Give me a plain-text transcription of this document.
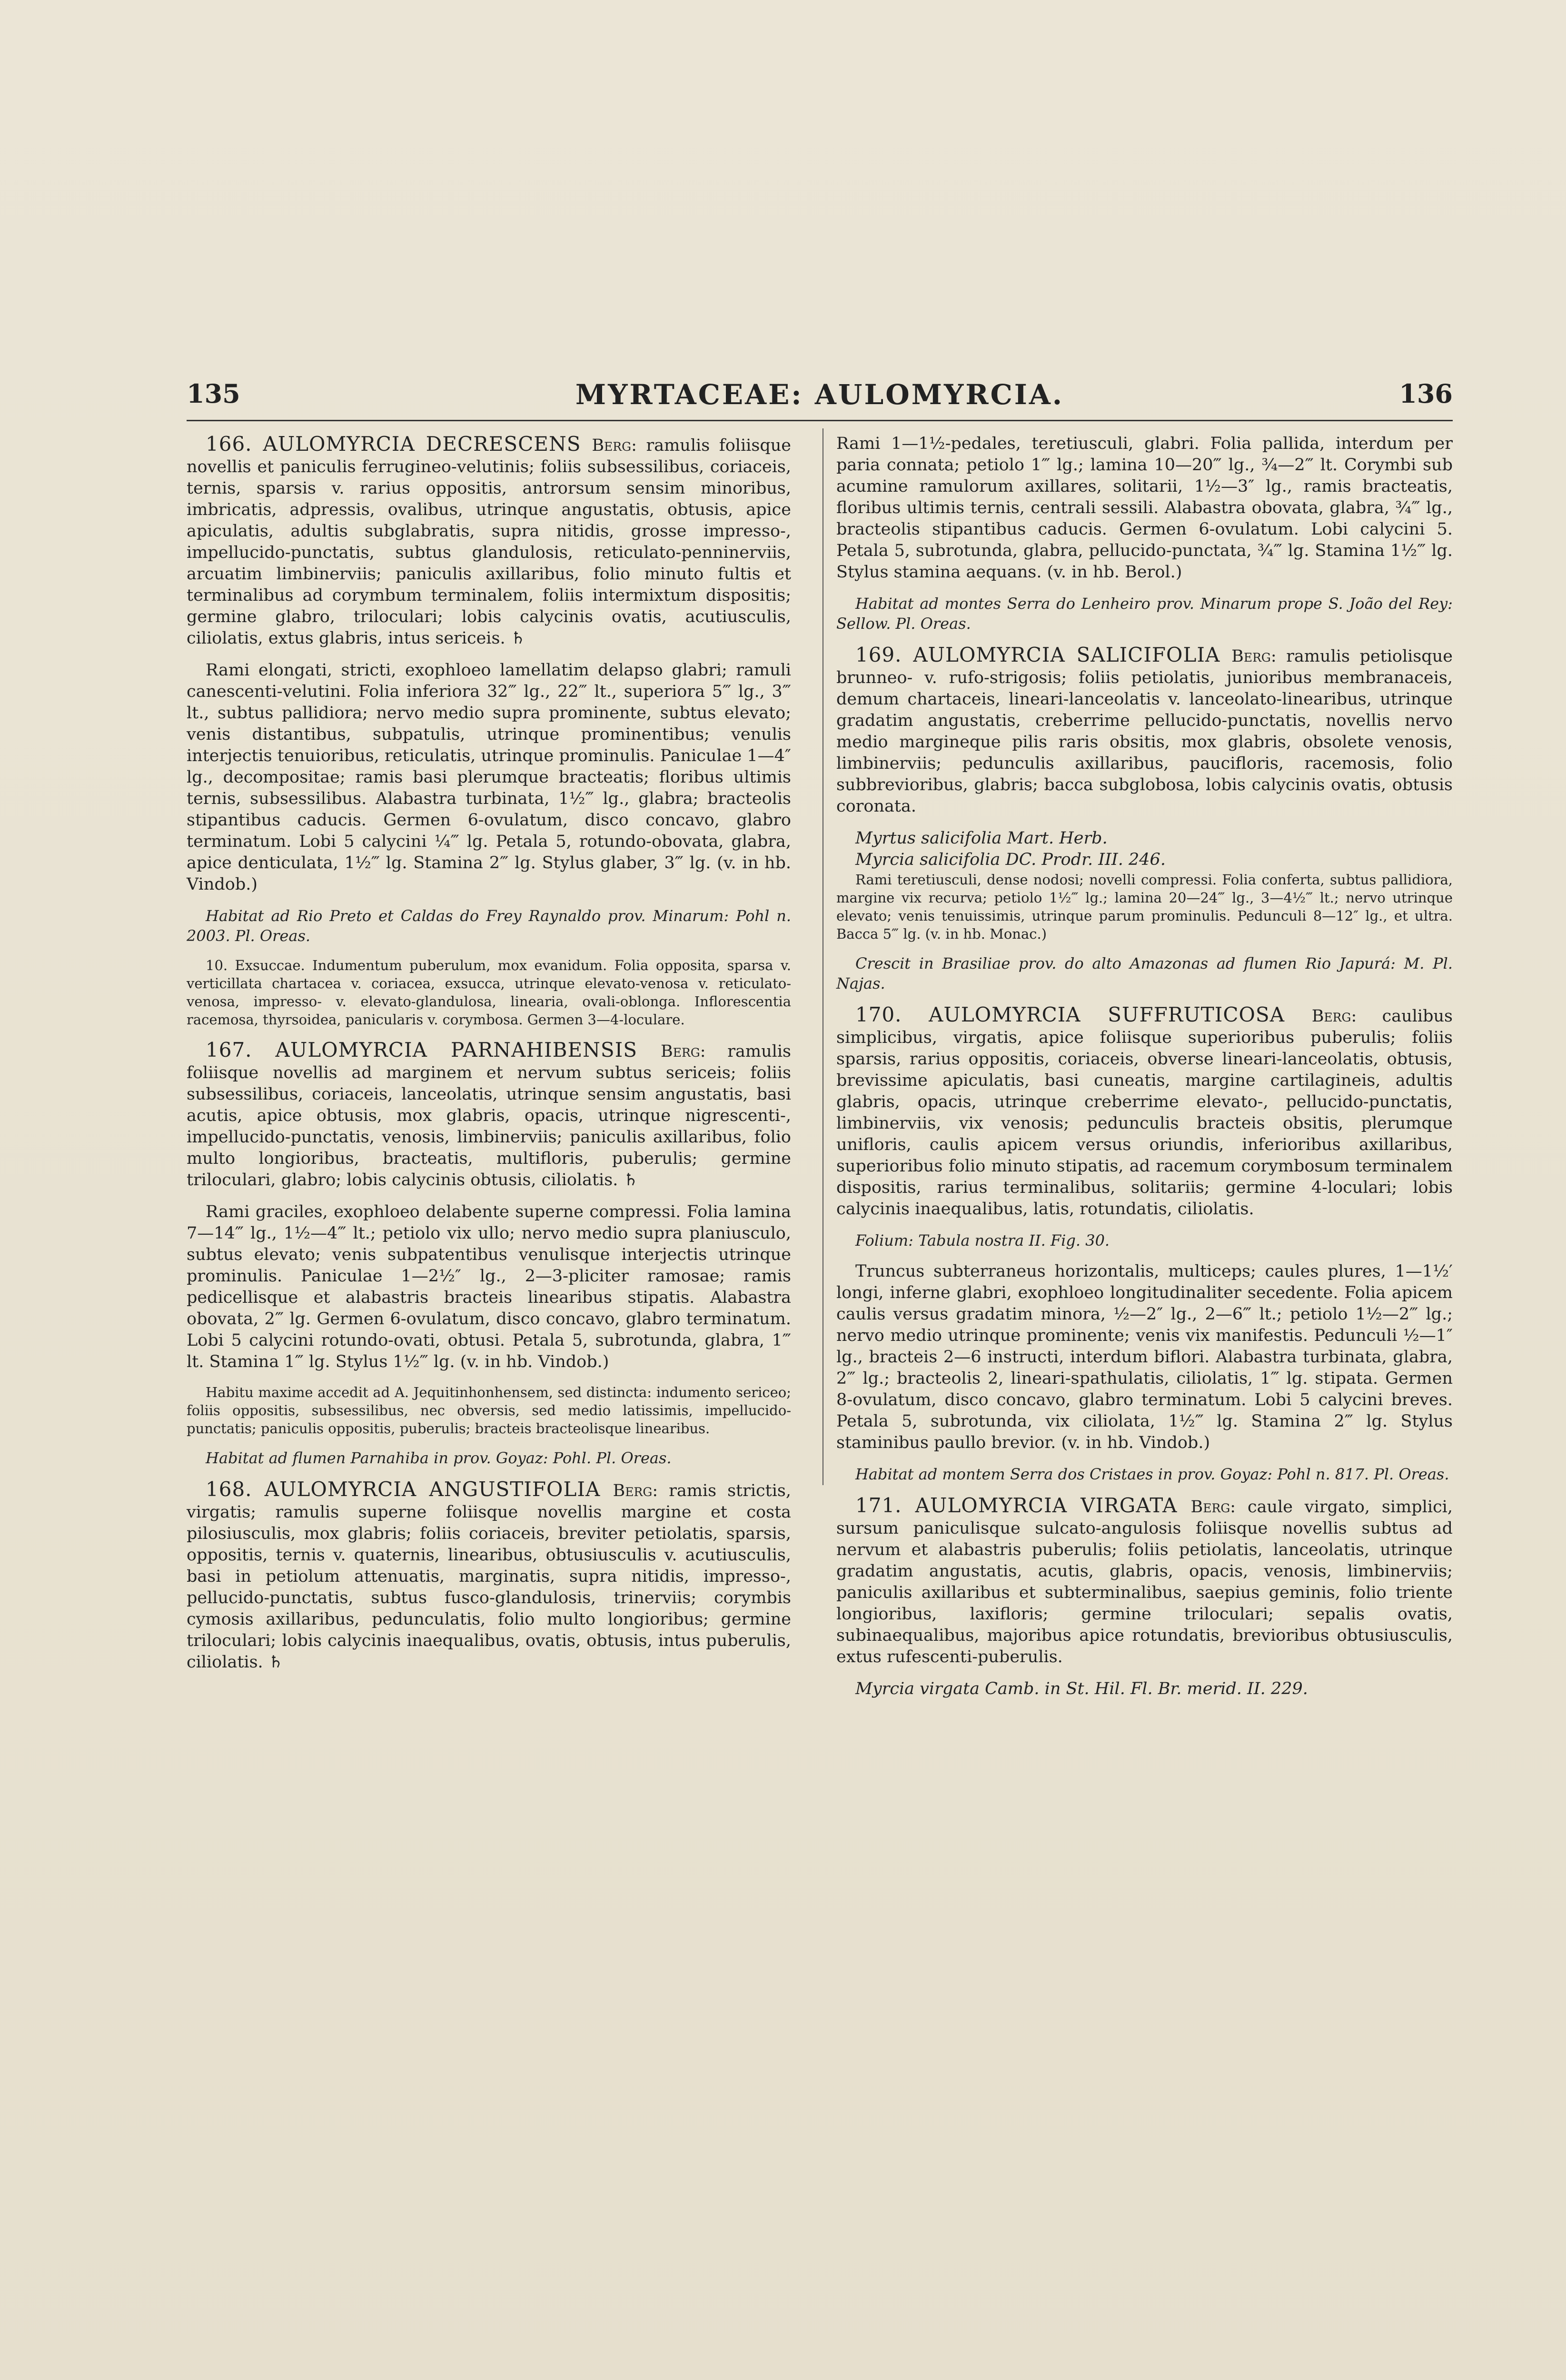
135	MYRTACEAE: AULOMYRCIA.	136

166. AULOMYRCIA DECRESCENS Berg: ramulis foliisque novellis et paniculis ferrugineo-velutinis; foliis subsessilibus, coriaceis, ternis, sparsis v. rarius oppositis, antrorsum sensim minoribus, imbricatis, adpressis, ovalibus, utrinque angustatis, obtusis, apice apiculatis, adultis subglabratis, supra nitidis, grosse impresso-, impellucido-punctatis, subtus glandulosis, reticulato-penninerviis, arcuatim limbinerviis; paniculis axillaribus, folio minuto fultis et terminalibus ad corymbum terminalem, foliis intermixtum dispositis; germine glabro, triloculari; lobis calycinis ovatis, acutiusculis, ciliolatis, extus glabris, intus sericeis. ♄

Rami elongati, stricti, exophloeo lamellatim delapso glabri; ramuli canescenti-velutini. Folia inferiora 32‴ lg., 22‴ lt., superiora 5‴ lg., 3‴ lt., subtus pallidiora; nervo medio supra prominente, subtus elevato; venis distantibus, subpatulis, utrinque prominentibus; venulis interjectis tenuioribus, reticulatis, utrinque prominulis. Paniculae 1—4″ lg., decompositae; ramis basi plerumque bracteatis; floribus ultimis ternis, subsessilibus. Alabastra turbinata, 1½‴ lg., glabra; bracteolis stipantibus caducis. Germen 6-ovulatum, disco concavo, glabro terminatum. Lobi 5 calycini ¼‴ lg. Petala 5, rotundo-obovata, glabra, apice denticulata, 1½‴ lg. Stamina 2‴ lg. Stylus glaber, 3‴ lg. (v. in hb. Vindob.)

Habitat ad Rio Preto et Caldas do Frey Raynaldo prov. Minarum: Pohl n. 2003. Pl. Oreas.

10. Exsuccae. Indumentum puberulum, mox evanidum. Folia opposita, sparsa v. verticillata chartacea v. coriacea, exsucca, utrinque elevato-venosa v. reticulato-venosa, impresso- v. elevato-glandulosa, linearia, ovali-oblonga. Inflorescentia racemosa, thyrsoidea, panicularis v. corymbosa. Germen 3—4-loculare.

167. AULOMYRCIA PARNAHIBENSIS Berg: ramulis foliisque novellis ad marginem et nervum subtus sericeis; foliis subsessilibus, coriaceis, lanceolatis, utrinque sensim angustatis, basi acutis, apice obtusis, mox glabris, opacis, utrinque nigrescenti-, impellucido-punctatis, venosis, limbinerviis; paniculis axillaribus, folio multo longioribus, bracteatis, multifloris, puberulis; germine triloculari, glabro; lobis calycinis obtusis, ciliolatis. ♄

Rami graciles, exophloeo delabente superne compressi. Folia lamina 7—14‴ lg., 1½—4‴ lt.; petiolo vix ullo; nervo medio supra planiusculo, subtus elevato; venis subpatentibus venulisque interjectis utrinque prominulis. Paniculae 1—2½″ lg., 2—3-pliciter ramosae; ramis pedicellisque et alabastris bracteis linearibus stipatis. Alabastra obovata, 2‴ lg. Germen 6-ovulatum, disco concavo, glabro terminatum. Lobi 5 calycini rotundo-ovati, obtusi. Petala 5, subrotunda, glabra, 1‴ lt. Stamina 1‴ lg. Stylus 1½‴ lg. (v. in hb. Vindob.)

Habitu maxime accedit ad A. Jequitinhonhensem, sed distincta: indumento sericeo; foliis oppositis, subsessilibus, nec obversis, sed medio latissimis, impellucido-punctatis; paniculis oppositis, puberulis; bracteis bracteolisque linearibus.

Habitat ad flumen Parnahiba in prov. Goyaz: Pohl. Pl. Oreas.

168. AULOMYRCIA ANGUSTIFOLIA Berg: ramis strictis, virgatis; ramulis superne foliisque novellis margine et costa pilosiusculis, mox glabris; foliis coriaceis, breviter petiolatis, sparsis, oppositis, ternis v. quaternis, linearibus, obtusiusculis v. acutiusculis, basi in petiolum attenuatis, marginatis, supra nitidis, impresso-, pellucido-punctatis, subtus fusco-glandulosis, trinerviis; corymbis cymosis axillaribus, pedunculatis, folio multo longioribus; germine triloculari; lobis calycinis inaequalibus, ovatis, obtusis, intus puberulis, ciliolatis. ♄

Rami 1—1½-pedales, teretiusculi, glabri. Folia pallida, interdum per paria connata; petiolo 1‴ lg.; lamina 10—20‴ lg., ¾—2‴ lt. Corymbi sub acumine ramulorum axillares, solitarii, 1½—3″ lg., ramis bracteatis, floribus ultimis ternis, centrali sessili. Alabastra obovata, glabra, ¾‴ lg., bracteolis stipantibus caducis. Germen 6-ovulatum. Lobi calycini 5. Petala 5, subrotunda, glabra, pellucido-punctata, ¾‴ lg. Stamina 1½‴ lg. Stylus stamina aequans. (v. in hb. Berol.)

Habitat ad montes Serra do Lenheiro prov. Minarum prope S. João del Rey: Sellow. Pl. Oreas.

169. AULOMYRCIA SALICIFOLIA Berg: ramulis petiolisque brunneo- v. rufo-strigosis; foliis petiolatis, junioribus membranaceis, demum chartaceis, lineari-lanceolatis v. lanceolato-linearibus, utrinque gradatim angustatis, creberrime pellucido-punctatis, novellis nervo medio margineque pilis raris obsitis, mox glabris, obsolete venosis, limbinerviis; pedunculis axillaribus, paucifloris, racemosis, folio subbrevioribus, glabris; bacca subglobosa, lobis calycinis ovatis, obtusis coronata.

Myrtus salicifolia Mart. Herb.

Myrcia salicifolia DC. Prodr. III. 246.

Rami teretiusculi, dense nodosi; novelli compressi. Folia conferta, subtus pallidiora, margine vix recurva; petiolo 1½‴ lg.; lamina 20—24‴ lg., 3—4½‴ lt.; nervo utrinque elevato; venis tenuissimis, utrinque parum prominulis. Pedunculi 8—12″ lg., et ultra. Bacca 5‴ lg. (v. in hb. Monac.)

Crescit in Brasiliae prov. do alto Amazonas ad flumen Rio Japurá: M. Pl. Najas.

170. AULOMYRCIA SUFFRUTICOSA Berg: caulibus simplicibus, virgatis, apice foliisque superioribus puberulis; foliis sparsis, rarius oppositis, coriaceis, obverse lineari-lanceolatis, obtusis, brevissime apiculatis, basi cuneatis, margine cartilagineis, adultis glabris, opacis, utrinque creberrime elevato-, pellucido-punctatis, limbinerviis, vix venosis; pedunculis bracteis obsitis, plerumque unifloris, caulis apicem versus oriundis, inferioribus axillaribus, superioribus folio minuto stipatis, ad racemum corymbosum terminalem dispositis, rarius terminalibus, solitariis; germine 4-loculari; lobis calycinis inaequalibus, latis, rotundatis, ciliolatis.

Folium: Tabula nostra II. Fig. 30.

Truncus subterraneus horizontalis, multiceps; caules plures, 1—1½′ longi, inferne glabri, exophloeo longitudinaliter secedente. Folia apicem caulis versus gradatim minora, ½—2″ lg., 2—6‴ lt.; petiolo 1½—2‴ lg.; nervo medio utrinque prominente; venis vix manifestis. Pedunculi ½—1″ lg., bracteis 2—6 instructi, interdum biflori. Alabastra turbinata, glabra, 2‴ lg.; bracteolis 2, lineari-spathulatis, ciliolatis, 1‴ lg. stipata. Germen 8-ovulatum, disco concavo, glabro terminatum. Lobi 5 calycini breves. Petala 5, subrotunda, vix ciliolata, 1½‴ lg. Stamina 2‴ lg. Stylus staminibus paullo brevior. (v. in hb. Vindob.)

Habitat ad montem Serra dos Cristaes in prov. Goyaz: Pohl n. 817. Pl. Oreas.

171. AULOMYRCIA VIRGATA Berg: caule virgato, simplici, sursum paniculisque sulcato-angulosis foliisque novellis subtus ad nervum et alabastris puberulis; foliis petiolatis, lanceolatis, utrinque gradatim angustatis, acutis, glabris, opacis, venosis, limbinerviis; paniculis axillaribus et subterminalibus, saepius geminis, folio triente longioribus, laxifloris; germine triloculari; sepalis ovatis, subinaequalibus, majoribus apice rotundatis, brevioribus obtusiusculis, extus rufescenti-puberulis.

Myrcia virgata Camb. in St. Hil. Fl. Br. merid. II. 229.
